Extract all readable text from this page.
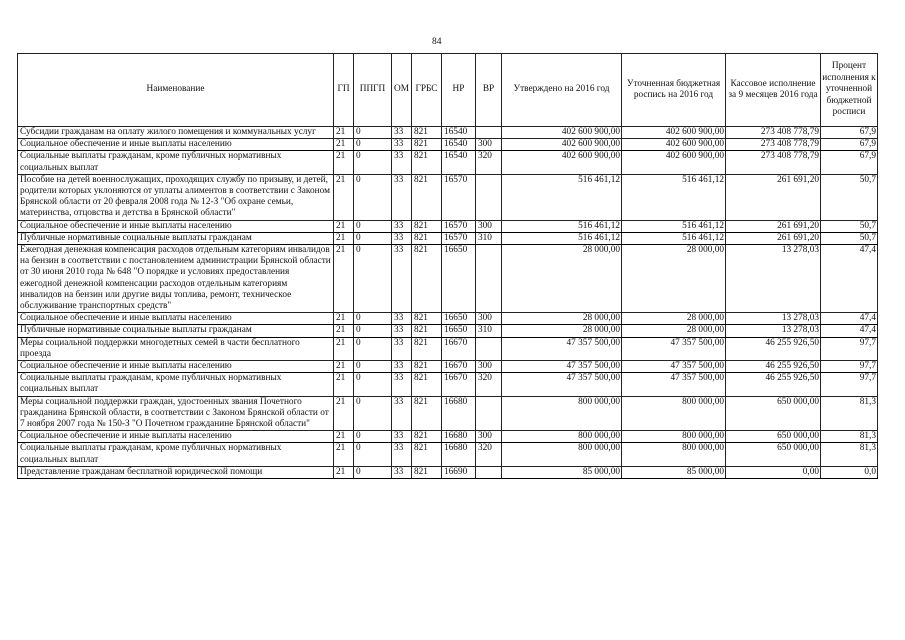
84
Наименование	ГП	ППГП	ОМ	ГРБС	НР	ВР	Утверждено на 2016 год	Уточненная бюджетная роспись на 2016 год	Кассовое исполнение за 9 месяцев 2016 года	Процент исполнения к уточненной бюджетной росписи
Субсидии гражданам на оплату жилого помещения и коммунальных услуг	21	0	33	821	16540		402 600 900,00	402 600 900,00	273 408 778,79	67,9
Социальное обеспечение и иные выплаты населению	21	0	33	821	16540	300	402 600 900,00	402 600 900,00	273 408 778,79	67,9
Социальные выплаты гражданам, кроме публичных нормативных социальных выплат	21	0	33	821	16540	320	402 600 900,00	402 600 900,00	273 408 778,79	67,9
Пособие на детей военнослужащих, проходящих службу по призыву, и детей, родители которых уклоняются от уплаты алиментов в соответствии с Законом Брянской области от 20 февраля 2008 года № 12-З "Об охране семьи, материнства, отцовства и детства в Брянской области"	21	0	33	821	16570		516 461,12	516 461,12	261 691,20	50,7
Социальное обеспечение и иные выплаты населению	21	0	33	821	16570	300	516 461,12	516 461,12	261 691,20	50,7
Публичные нормативные социальные выплаты гражданам	21	0	33	821	16570	310	516 461,12	516 461,12	261 691,20	50,7
Ежегодная денежная компенсация расходов отдельным категориям инвалидов на бензин в соответствии с постановлением администрации Брянской области от 30 июня 2010 года № 648 "О порядке и условиях предоставления ежегодной денежной компенсации расходов отдельным категориям инвалидов на бензин или другие виды топлива, ремонт, техническое обслуживание транспортных средств"	21	0	33	821	16650		28 000,00	28 000,00	13 278,03	47,4
Социальное обеспечение и иные выплаты населению	21	0	33	821	16650	300	28 000,00	28 000,00	13 278,03	47,4
Публичные нормативные социальные выплаты гражданам	21	0	33	821	16650	310	28 000,00	28 000,00	13 278,03	47,4
Меры социальной поддержки многодетных семей в части бесплатного проезда	21	0	33	821	16670		47 357 500,00	47 357 500,00	46 255 926,50	97,7
Социальное обеспечение и иные выплаты населению	21	0	33	821	16670	300	47 357 500,00	47 357 500,00	46 255 926,50	97,7
Социальные выплаты гражданам, кроме публичных нормативных социальных выплат	21	0	33	821	16670	320	47 357 500,00	47 357 500,00	46 255 926,50	97,7
Меры социальной поддержки граждан, удостоенных звания Почетного гражданина Брянской области, в соответствии с Законом Брянской области от 7 ноября 2007 года № 150-З "О Почетном гражданине Брянской области"	21	0	33	821	16680		800 000,00	800 000,00	650 000,00	81,3
Социальное обеспечение и иные выплаты населению	21	0	33	821	16680	300	800 000,00	800 000,00	650 000,00	81,3
Социальные выплаты гражданам, кроме публичных нормативных социальных выплат	21	0	33	821	16680	320	800 000,00	800 000,00	650 000,00	81,3
Представление гражданам бесплатной юридической помощи	21	0	33	821	16690		85 000,00	85 000,00	0,00	0,0
